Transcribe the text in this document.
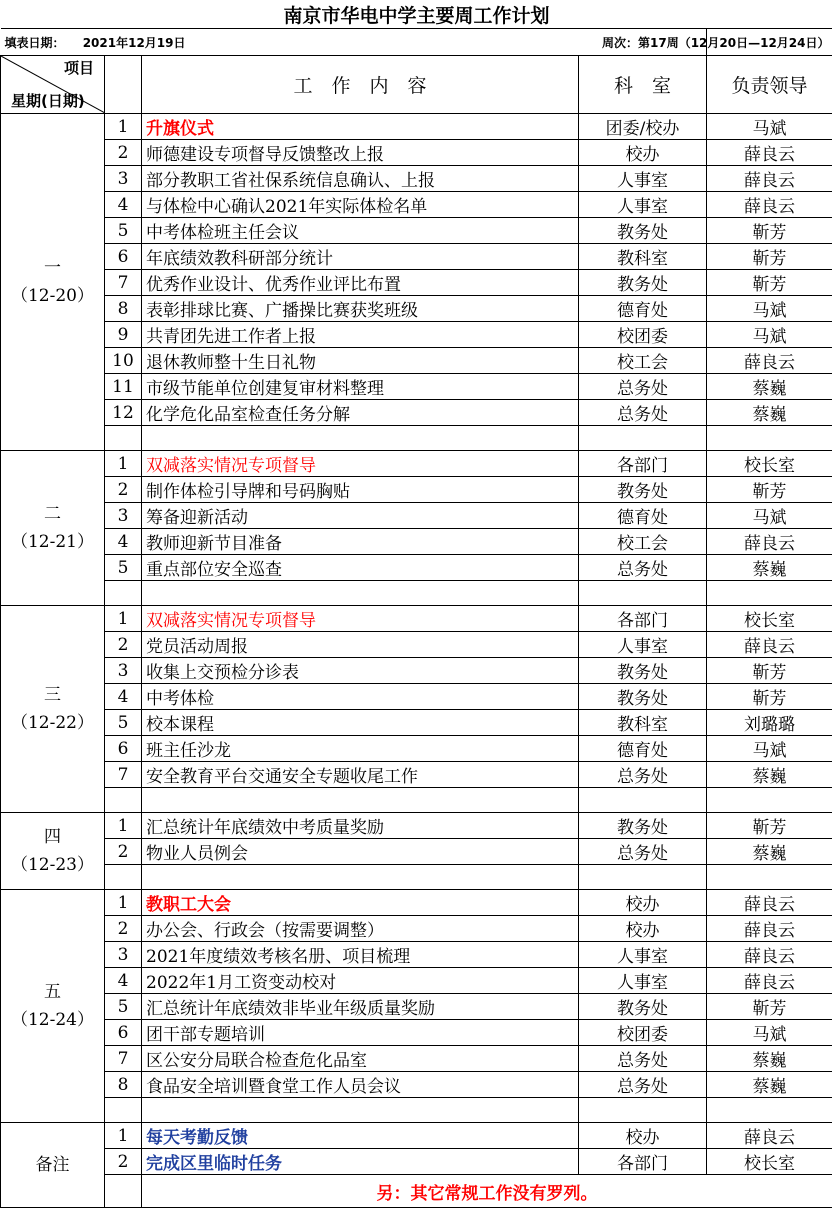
南京市华电中学主要周工作计划				
填表日期： 2021年12月19日				周次：第17周（12月20日—12月24日）

项目
星期(日期)		工　作　内　容	科　室	负责领导

一
（12-20）	1	升旗仪式	团委/校办	马斌
	2	师德建设专项督导反馈整改上报	校办	薛良云
	3	部分教职工省社保系统信息确认、上报	人事室	薛良云
	4	与体检中心确认2021年实际体检名单	人事室	薛良云
	5	中考体检班主任会议	教务处	靳芳
	6	年底绩效教科研部分统计	教科室	靳芳
	7	优秀作业设计、优秀作业评比布置	教务处	靳芳
	8	表彰排球比赛、广播操比赛获奖班级	德育处	马斌
	9	共青团先进工作者上报	校团委	马斌
	10	退休教师整十生日礼物	校工会	薛良云
	11	市级节能单位创建复审材料整理	总务处	蔡巍
	12	化学危化品室检查任务分解	总务处	蔡巍

二
（12-21）	1	双减落实情况专项督导	各部门	校长室
	2	制作体检引导牌和号码胸贴	教务处	靳芳
	3	筹备迎新活动	德育处	马斌
	4	教师迎新节目准备	校工会	薛良云
	5	重点部位安全巡查	总务处	蔡巍

三
（12-22）	1	双减落实情况专项督导	各部门	校长室
	2	党员活动周报	人事室	薛良云
	3	收集上交预检分诊表	教务处	靳芳
	4	中考体检	教务处	靳芳
	5	校本课程	教科室	刘璐璐
	6	班主任沙龙	德育处	马斌
	7	安全教育平台交通安全专题收尾工作	总务处	蔡巍

四
（12-23）	1	汇总统计年底绩效中考质量奖励	教务处	靳芳
	2	物业人员例会	总务处	蔡巍

五
（12-24）	1	教职工大会	校办	薛良云
	2	办公会、行政会（按需要调整）	校办	薛良云
	3	2021年度绩效考核名册、项目梳理	人事室	薛良云
	4	2022年1月工资变动校对	人事室	薛良云
	5	汇总统计年底绩效非毕业年级质量奖励	教务处	靳芳
	6	团干部专题培训	校团委	马斌
	7	区公安分局联合检查危化品室	总务处	蔡巍
	8	食品安全培训暨食堂工作人员会议	总务处	蔡巍

备注	1	每天考勤反馈	校办	薛良云
	2	完成区里临时任务	各部门	校长室
		另：其它常规工作没有罗列。		
